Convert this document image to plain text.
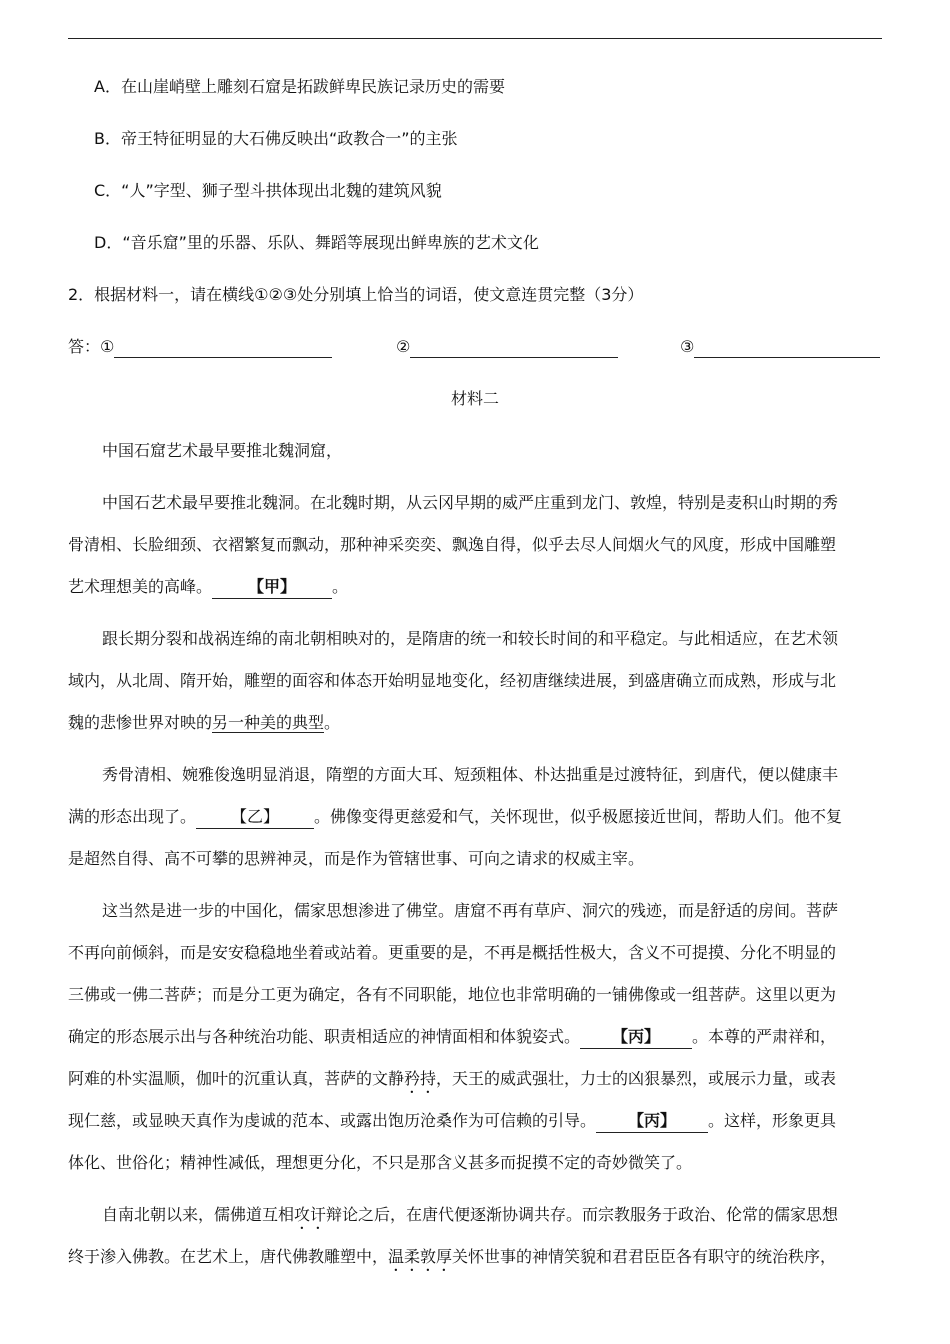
A．在山崖峭壁上雕刻石窟是拓跋鲜卑民族记录历史的需要
B．帝王特征明显的大石佛反映出“政教合一”的主张
C．“人”字型、狮子型斗拱体现出北魏的建筑风貌
D．“音乐窟”里的乐器、乐队、舞蹈等展现出鲜卑族的艺术文化
2．根据材料一，请在横线①②③处分别填上恰当的词语，使文意连贯完整（3分）
答：①	②	③
材料二
中国石窟艺术最早要推北魏洞窟，
中国石艺术最早要推北魏洞。在北魏时期，从云冈早期的威严庄重到龙门、敦煌，特别是麦积山时期的秀
骨清相、长脸细颈、衣褶繁复而飘动，那种神采奕奕、飘逸自得，似乎去尽人间烟火气的风度，形成中国雕塑
艺术理想美的高峰。 【甲】 。
跟长期分裂和战祸连绵的南北朝相映对的，是隋唐的统一和较长时间的和平稳定。与此相适应，在艺术领
域内，从北周、隋开始，雕塑的面容和体态开始明显地变化，经初唐继续进展，到盛唐确立而成熟，形成与北
魏的悲惨世界对映的另一种美的典型。
秀骨清相、婉雅俊逸明显消退，隋塑的方面大耳、短颈粗体、朴达拙重是过渡特征，到唐代，便以健康丰
满的形态出现了。 【乙】 。佛像变得更慈爱和气，关怀现世，似乎极愿接近世间，帮助人们。他不复
是超然自得、高不可攀的思辨神灵，而是作为管辖世事、可向之请求的权威主宰。
这当然是进一步的中国化，儒家思想渗进了佛堂。唐窟不再有草庐、洞穴的残迹，而是舒适的房间。菩萨
不再向前倾斜，而是安安稳稳地坐着或站着。更重要的是，不再是概括性极大，含义不可提摸、分化不明显的
三佛或一佛二菩萨；而是分工更为确定，各有不同职能，地位也非常明确的一铺佛像或一组菩萨。这里以更为
确定的形态展示出与各种统治功能、职责相适应的神情面相和体貌姿式。 【丙】 。本尊的严肃祥和，
阿难的朴实温顺，伽叶的沉重认真，菩萨的文静矜持，天王的威武强壮，力士的凶狠暴烈，或展示力量，或表
现仁慈，或显映天真作为虔诚的范本、或露出饱历沧桑作为可信赖的引导。 【丙】 。这样，形象更具
体化、世俗化；精神性减低，理想更分化，不只是那含义甚多而捉摸不定的奇妙微笑了。
自南北朝以来，儒佛道互相攻讦辩论之后，在唐代便逐渐协调共存。而宗教服务于政治、伦常的儒家思想
终于渗入佛教。在艺术上，唐代佛教雕塑中，温柔敦厚关怀世事的神情笑貌和君君臣臣各有职守的统治秩序，
